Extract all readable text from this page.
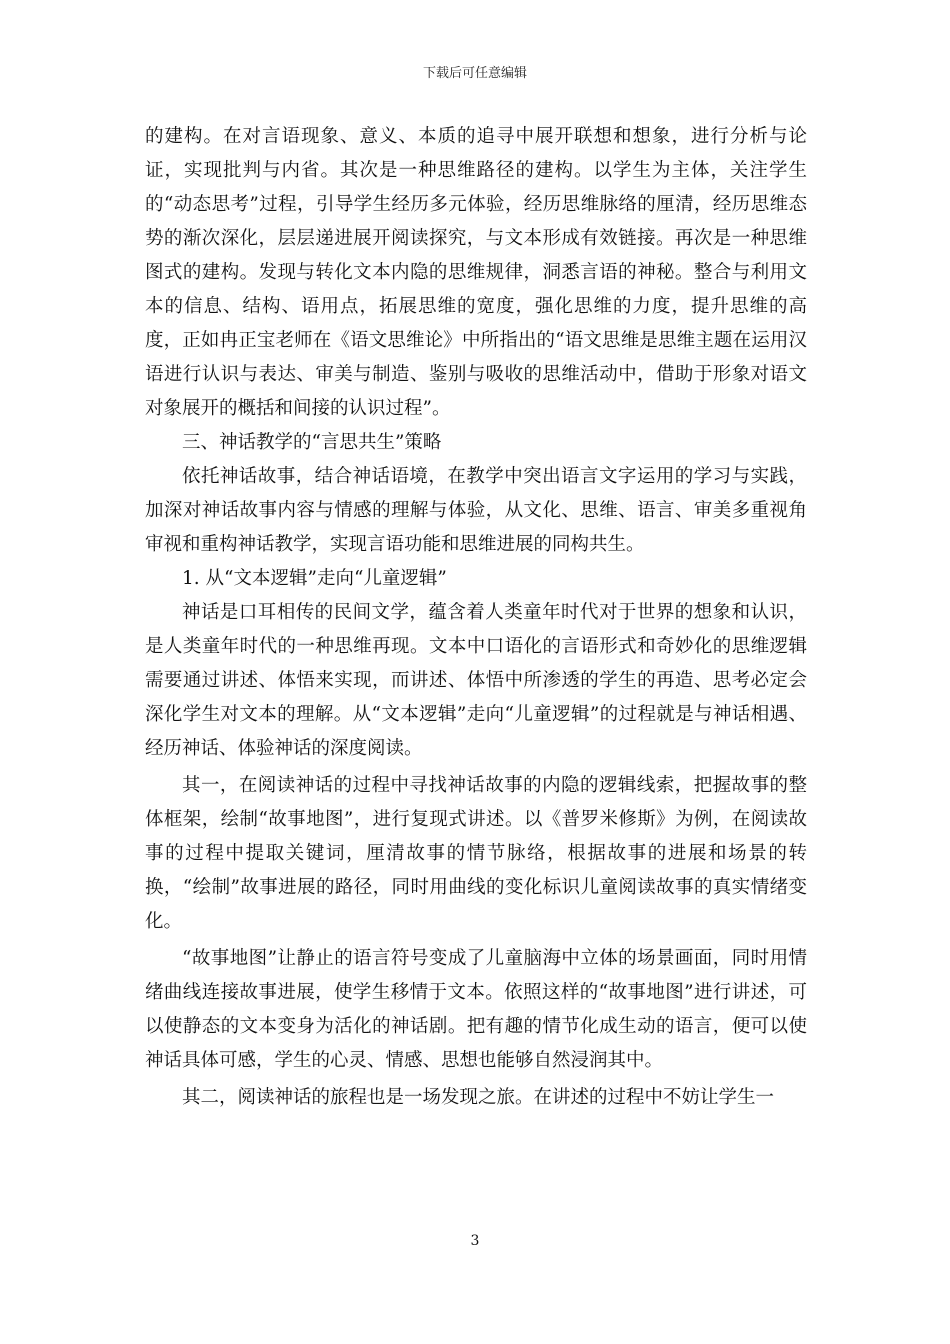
下载后可任意编辑

的建构。在对言语现象、意义、本质的追寻中展开联想和想象，进行分析与论证，实现批判与内省。其次是一种思维路径的建构。以学生为主体，关注学生的“动态思考”过程，引导学生经历多元体验，经历思维脉络的厘清，经历思维态势的渐次深化，层层递进展开阅读探究，与文本形成有效链接。再次是一种思维图式的建构。发现与转化文本内隐的思维规律，洞悉言语的神秘。整合与利用文本的信息、结构、语用点，拓展思维的宽度，强化思维的力度，提升思维的高度，正如冉正宝老师在《语文思维论》中所指出的“语文思维是思维主题在运用汉语进行认识与表达、审美与制造、鉴别与吸收的思维活动中，借助于形象对语文对象展开的概括和间接的认识过程”。

三、神话教学的“言思共生”策略

依托神话故事，结合神话语境，在教学中突出语言文字运用的学习与实践，加深对神话故事内容与情感的理解与体验，从文化、思维、语言、审美多重视角审视和重构神话教学，实现言语功能和思维进展的同构共生。

1. 从“文本逻辑”走向“儿童逻辑”

神话是口耳相传的民间文学，蕴含着人类童年时代对于世界的想象和认识，是人类童年时代的一种思维再现。文本中口语化的言语形式和奇妙化的思维逻辑需要通过讲述、体悟来实现，而讲述、体悟中所渗透的学生的再造、思考必定会深化学生对文本的理解。从“文本逻辑”走向“儿童逻辑”的过程就是与神话相遇、经历神话、体验神话的深度阅读。

其一，在阅读神话的过程中寻找神话故事的内隐的逻辑线索，把握故事的整体框架，绘制“故事地图”，进行复现式讲述。以《普罗米修斯》为例，在阅读故事的过程中提取关键词，厘清故事的情节脉络，根据故事的进展和场景的转换，“绘制”故事进展的路径，同时用曲线的变化标识儿童阅读故事的真实情绪变化。

“故事地图”让静止的语言符号变成了儿童脑海中立体的场景画面，同时用情绪曲线连接故事进展，使学生移情于文本。依照这样的“故事地图”进行讲述，可以使静态的文本变身为活化的神话剧。把有趣的情节化成生动的语言，便可以使神话具体可感，学生的心灵、情感、思想也能够自然浸润其中。

其二，阅读神话的旅程也是一场发现之旅。在讲述的过程中不妨让学生一

3
